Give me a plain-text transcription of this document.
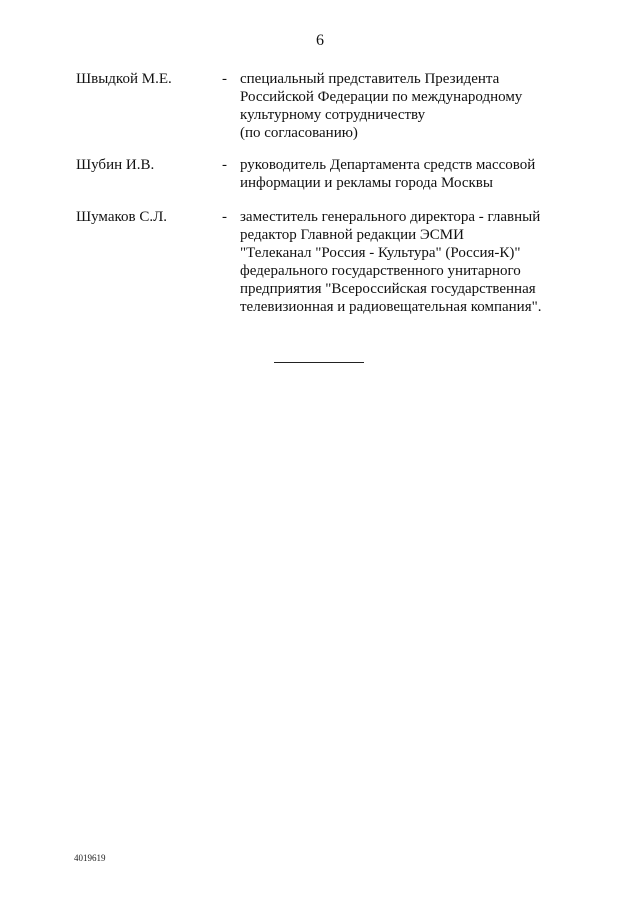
6
Швыдкой М.Е.	- специальный представитель Президента
Российской Федерации по международному
культурному сотрудничеству
(по согласованию)
Шубин И.В.	- руководитель Департамента средств массовой
информации и рекламы города Москвы
Шумаков С.Л.	- заместитель генерального директора - главный
редактор Главной редакции ЭСМИ
"Телеканал "Россия - Культура" (Россия-К)"
федерального государственного унитарного
предприятия "Всероссийская государственная
телевизионная и радиовещательная компания".
4019619
